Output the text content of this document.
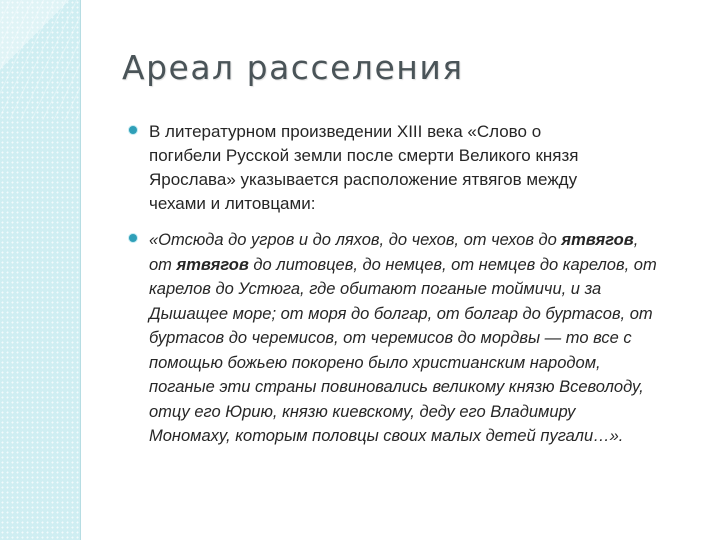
Ареал расселения
В литературном произведении XIII века «Слово о
погибели Русской земли после смерти Великого князя
Ярослава» указывается расположение ятвягов между
чехами и литовцами:
«Отсюда до угров и до ляхов, до чехов, от чехов до ятвягов,
от ятвягов до литовцев, до немцев, от немцев до карелов, от
карелов до Устюга, где обитают поганые тоймичи, и за
Дышащее море; от моря до болгар, от болгар до буртасов, от
буртасов до черемисов, от черемисов до мордвы — то все с
помощью божьею покорено было христианским народом,
поганые эти страны повиновались великому князю Всеволоду,
отцу его Юрию, князю киевскому, деду его Владимиру
Мономаху, которым половцы своих малых детей пугали…».
